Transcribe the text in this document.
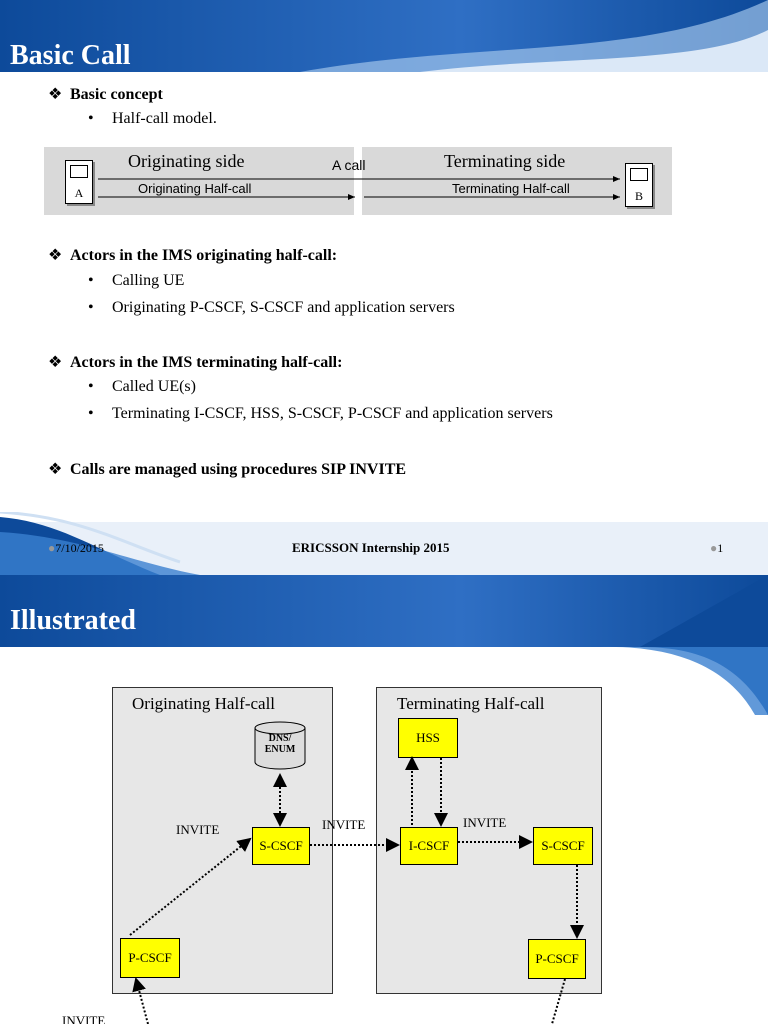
Basic Call
❖ Basic concept
• Half-call model.
A	B
Originating side	A call	Terminating side
Originating Half-call	Terminating Half-call
❖ Actors in the IMS originating half-call:
• Calling UE
• Originating P-CSCF, S-CSCF and application servers
❖ Actors in the IMS terminating half-call:
• Called UE(s)
• Terminating I-CSCF, HSS, S-CSCF, P-CSCF and application servers
❖ Calls are managed using procedures SIP INVITE
●7/10/2015	ERICSSON Internship 2015	●1
Illustrated
Originating Half-call	Terminating Half-call
DNS/ ENUM
S-CSCF
P-CSCF
HSS
I-CSCF	S-CSCF
P-CSCF
INVITE	INVITE	INVITE
INVITE
